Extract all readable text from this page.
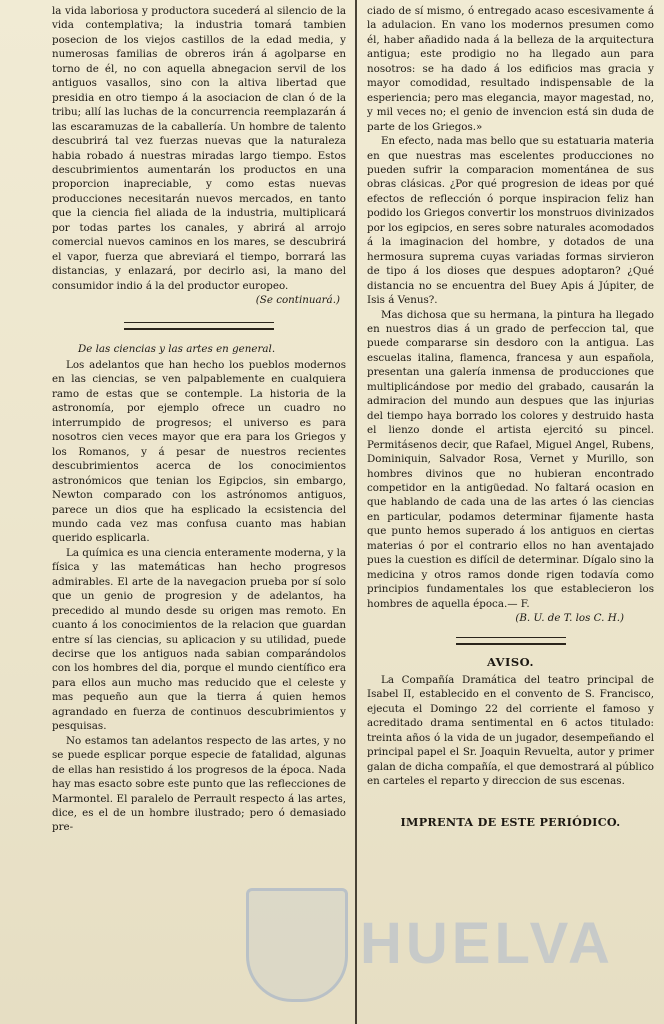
la vida laboriosa y productora sucederá al silencio de la vida contemplativa; la industria tomará tambien posecion de los viejos castillos de la edad media, y numerosas familias de obreros irán á agolparse en torno de él, no con aquella abnegacion servil de los antiguos vasallos, sino con la altiva libertad que presidia en otro tiempo á la asociacion de clan ó de la tribu; allí las luchas de la concurrencia reemplazarán á las escaramuzas de la caballería. Un hombre de talento descubrirá tal vez fuerzas nuevas que la naturaleza habia robado á nuestras miradas largo tiempo. Estos descubrimientos aumentarán los productos en una proporcion inapreciable, y como estas nuevas producciones necesitarán nuevos mercados, en tanto que la ciencia fiel aliada de la industria, multiplicará por todas partes los canales, y abrirá al arrojo comercial nuevos caminos en los mares, se descubrirá el vapor, fuerza que abreviará el tiempo, borrará las distancias, y enlazará, por decirlo asi, la mano del consumidor indio á la del productor europeo.

(Se continuará.)

De las ciencias y las artes en general.

Los adelantos que han hecho los pueblos modernos en las ciencias, se ven palpablemente en cualquiera ramo de estas que se contemple. La historia de la astronomía, por ejemplo ofrece un cuadro no interrumpido de progresos; el universo es para nosotros cien veces mayor que era para los Griegos y los Romanos, y á pesar de nuestros recientes descubrimientos acerca de los conocimientos astronómicos que tenian los Egipcios, sin embargo, Newton comparado con los astrónomos antiguos, parece un dios que ha esplicado la ecsistencia del mundo cada vez mas confusa cuanto mas habian querido esplicarla.

La química es una ciencia enteramente moderna, y la física y las matemáticas han hecho progresos admirables. El arte de la navegacion prueba por sí solo que un genio de progresion y de adelantos, ha precedido al mundo desde su origen mas remoto. En cuanto á los conocimientos de la relacion que guardan entre sí las ciencias, su aplicacion y su utilidad, puede decirse que los antiguos nada sabian comparándolos con los hombres del dia, porque el mundo científico era para ellos aun mucho mas reducido que el celeste y mas pequeño aun que la tierra á quien hemos agrandado en fuerza de continuos descubrimientos y pesquisas.

No estamos tan adelantos respecto de las artes, y no se puede esplicar porque especie de fatalidad, algunas de ellas han resistido á los progresos de la época. Nada hay mas esacto sobre este punto que las reflecciones de Marmontel. El paralelo de Perrault respecto á las artes, dice, es el de un hombre ilustrado; pero ó demasiado pre-

ciado de sí mismo, ó entregado acaso escesivamente á la adulacion. En vano los modernos presumen como él, haber añadido nada á la belleza de la arquitectura antigua; este prodigio no ha llegado aun para nosotros: se ha dado á los edificios mas gracia y mayor comodidad, resultado indispensable de la esperiencia; pero mas elegancia, mayor magestad, no, y mil veces no; el genio de invencion está sin duda de parte de los Griegos.»

En efecto, nada mas bello que su estatuaria materia en que nuestras mas escelentes producciones no pueden sufrir la comparacion momentánea de sus obras clásicas. ¿Por qué progresion de ideas por qué efectos de reflección ó porque inspiracion feliz han podido los Griegos convertir los monstruos divinizados por los egipcios, en seres sobre naturales acomodados á la imaginacion del hombre, y dotados de una hermosura suprema cuyas variadas formas sirvieron de tipo á los dioses que despues adoptaron? ¿Qué distancia no se encuentra del Buey Apis á Júpiter, de Isis á Venus?.

Mas dichosa que su hermana, la pintura ha llegado en nuestros dias á un grado de perfeccion tal, que puede compararse sin desdoro con la antigua. Las escuelas italina, flamenca, francesa y aun española, presentan una galería inmensa de producciones que multiplicándose por medio del grabado, causarán la admiracion del mundo aun despues que las injurias del tiempo haya borrado los colores y destruido hasta el lienzo donde el artista ejercitó su pincel. Permitásenos decir, que Rafael, Miguel Angel, Rubens, Dominiquin, Salvador Rosa, Vernet y Murillo, son hombres divinos que no hubieran encontrado competidor en la antigüedad. No faltará ocasion en que hablando de cada una de las artes ó las ciencias en particular, podamos determinar fijamente hasta que punto hemos superado á los antiguos en ciertas materias ó por el contrario ellos no han aventajado pues la cuestion es difícil de determinar. Dígalo sino la medicina y otros ramos donde rigen todavía como principios fundamentales los que establecieron los hombres de aquella época.— F.

(B. U. de T. los C. H.)
AVISO.

La Compañía Dramática del teatro principal de Isabel II, establecido en el convento de S. Francisco, ejecuta el Domingo 22 del corriente el famoso y acreditado drama sentimental en 6 actos titulado: treinta años ó la vida de un jugador, desempeñando el principal papel el Sr. Joaquin Revuelta, autor y primer galan de dicha compañía, el que demostrará al público en carteles el reparto y direccion de sus escenas.

IMPRENTA DE ESTE PERIÓDICO.
HUELVA
